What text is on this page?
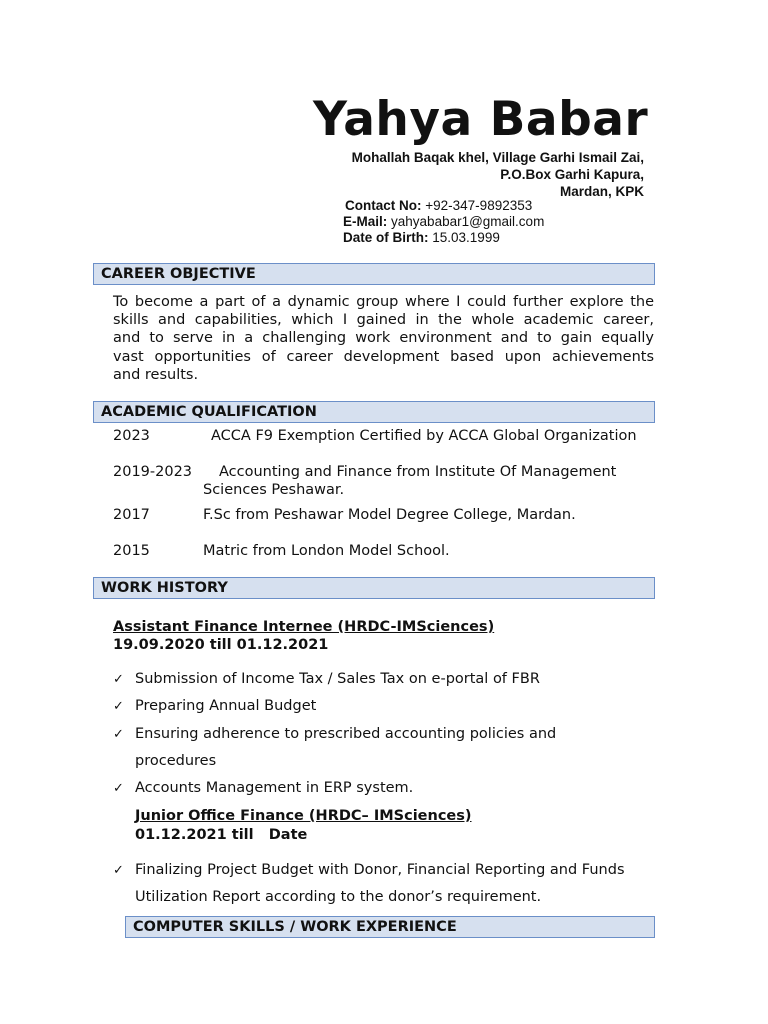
Yahya Babar
Mohallah Baqak khel, Village Garhi Ismail Zai,
P.O.Box Garhi Kapura,
Mardan, KPK
Contact No: +92-347-9892353
E-Mail: yahyababar1@gmail.com
Date of Birth: 15.03.1999
CAREER OBJECTIVE
To become a part of a dynamic group where I could further explore the
skills and capabilities, which I gained in the whole academic career,
and to serve in a challenging work environment and to gain equally
vast opportunities of career development based upon achievements
and results.
ACADEMIC QUALIFICATION
2023	ACCA F9 Exemption Certified by ACCA Global Organization
2019-2023 Accounting and Finance from Institute Of Management
Sciences Peshawar.
2017	F.Sc from Peshawar Model Degree College, Mardan.
2015	Matric from London Model School.
WORK HISTORY
Assistant Finance Internee (HRDC-IMSciences)
19.09.2020 till 01.12.2021
✓ Submission of Income Tax / Sales Tax on e-portal of FBR
✓ Preparing Annual Budget
✓ Ensuring adherence to prescribed accounting policies and
procedures
✓ Accounts Management in ERP system.
Junior Office Finance (HRDC– IMSciences)
01.12.2021 till   Date
✓ Finalizing Project Budget with Donor, Financial Reporting and Funds
Utilization Report according to the donor’s requirement.
COMPUTER SKILLS / WORK EXPERIENCE
